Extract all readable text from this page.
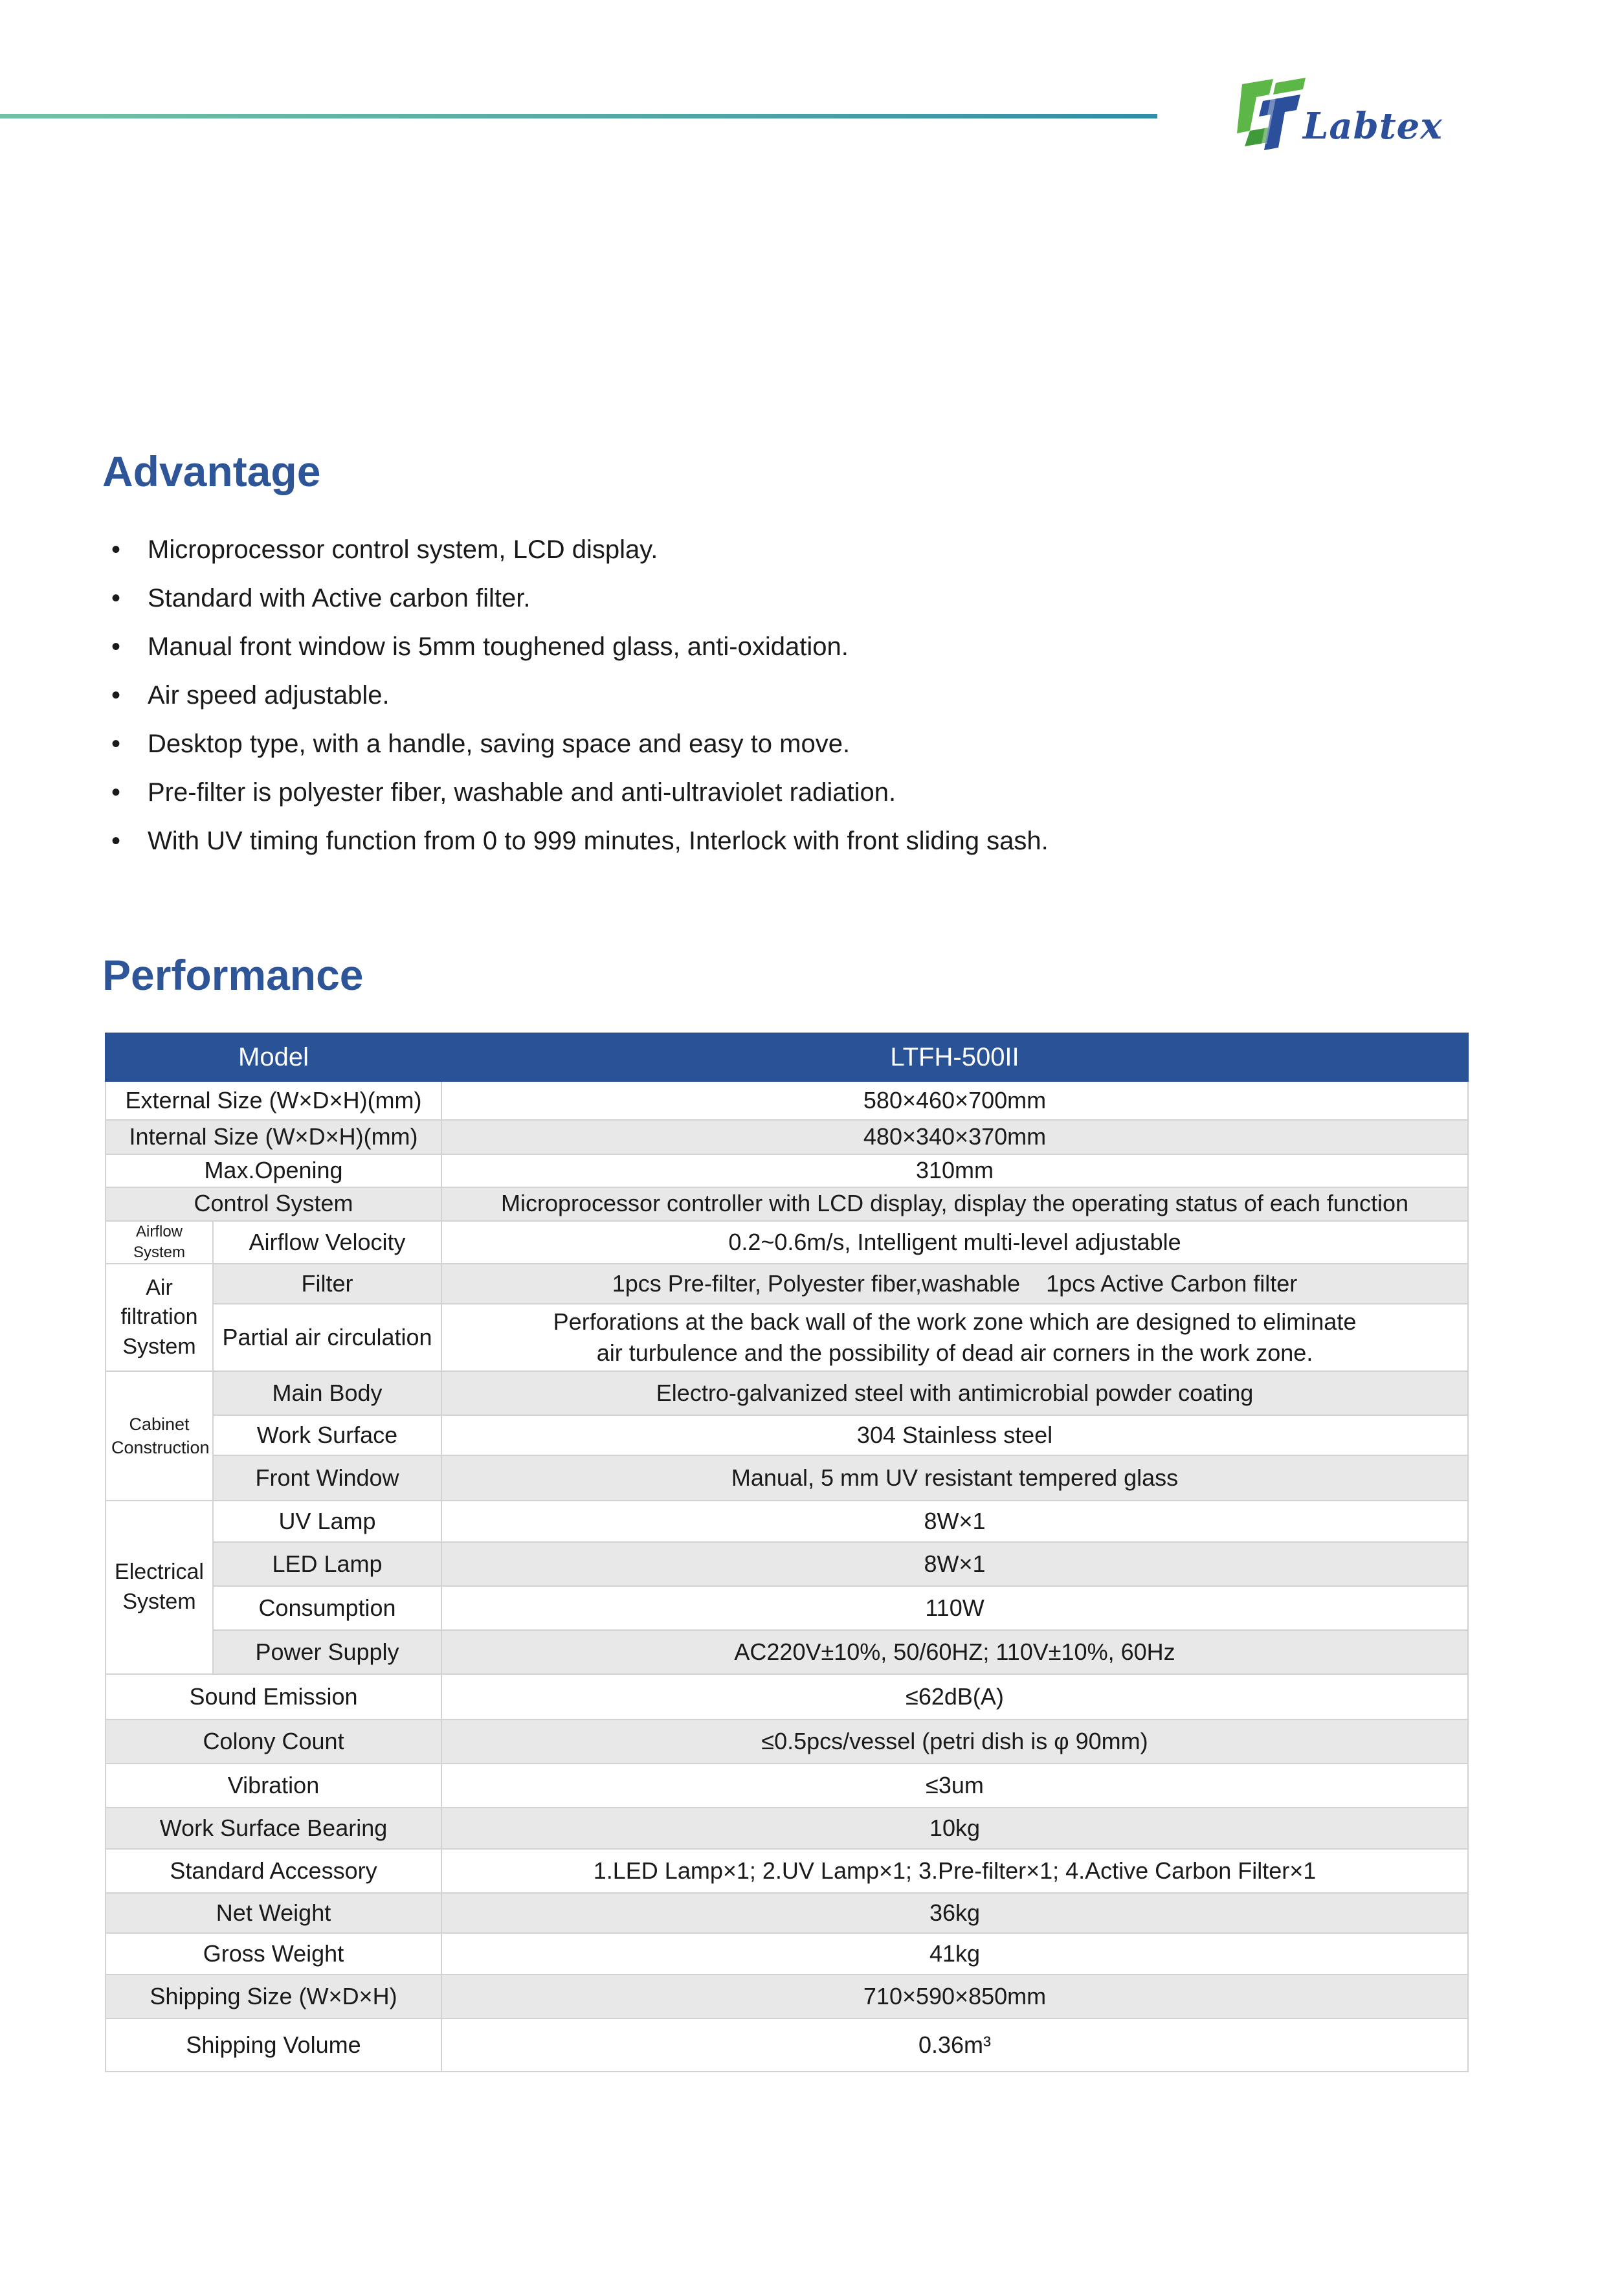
Labtex
Advantage
• Microprocessor control system, LCD display.
• Standard with Active carbon filter.
• Manual front window is 5mm toughened glass, anti-oxidation.
• Air speed adjustable.
• Desktop type, with a handle, saving space and easy to move.
• Pre-filter is polyester fiber, washable and anti-ultraviolet radiation.
• With UV timing function from 0 to 999 minutes, Interlock with front sliding sash.
Performance
Model		LTFH-500II
External Size (W×D×H)(mm)		580×460×700mm
Internal Size (W×D×H)(mm)		480×340×370mm
Max.Opening		310mm
Control System		Microprocessor controller with LCD display, display the operating status of each function
Airflow System	Airflow Velocity	0.2~0.6m/s, Intelligent multi-level adjustable
Air filtration System	Filter	1pcs Pre-filter, Polyester fiber,washable    1pcs Active Carbon filter
	Partial air circulation	Perforations at the back wall of the work zone which are designed to eliminate
air turbulence and the possibility of dead air corners in the work zone.

Cabinet
Construction	Main Body	Electro-galvanized steel with antimicrobial powder coating
	Work Surface	304 Stainless steel
	Front Window	Manual, 5 mm UV resistant tempered glass

Electrical
System	UV Lamp	8W×1
	LED Lamp	8W×1
	Consumption	110W
	Power Supply	AC220V±10%, 50/60HZ; 110V±10%, 60Hz
Sound Emission		≤62dB(A)
Colony Count		≤0.5pcs/vessel (petri dish is φ 90mm)
Vibration		≤3um
Work Surface Bearing		10kg
Standard Accessory		1.LED Lamp×1; 2.UV Lamp×1; 3.Pre-filter×1; 4.Active Carbon Filter×1
Net Weight		36kg
Gross Weight		41kg
Shipping Size (W×D×H)		710×590×850mm
Shipping Volume		0.36m³
